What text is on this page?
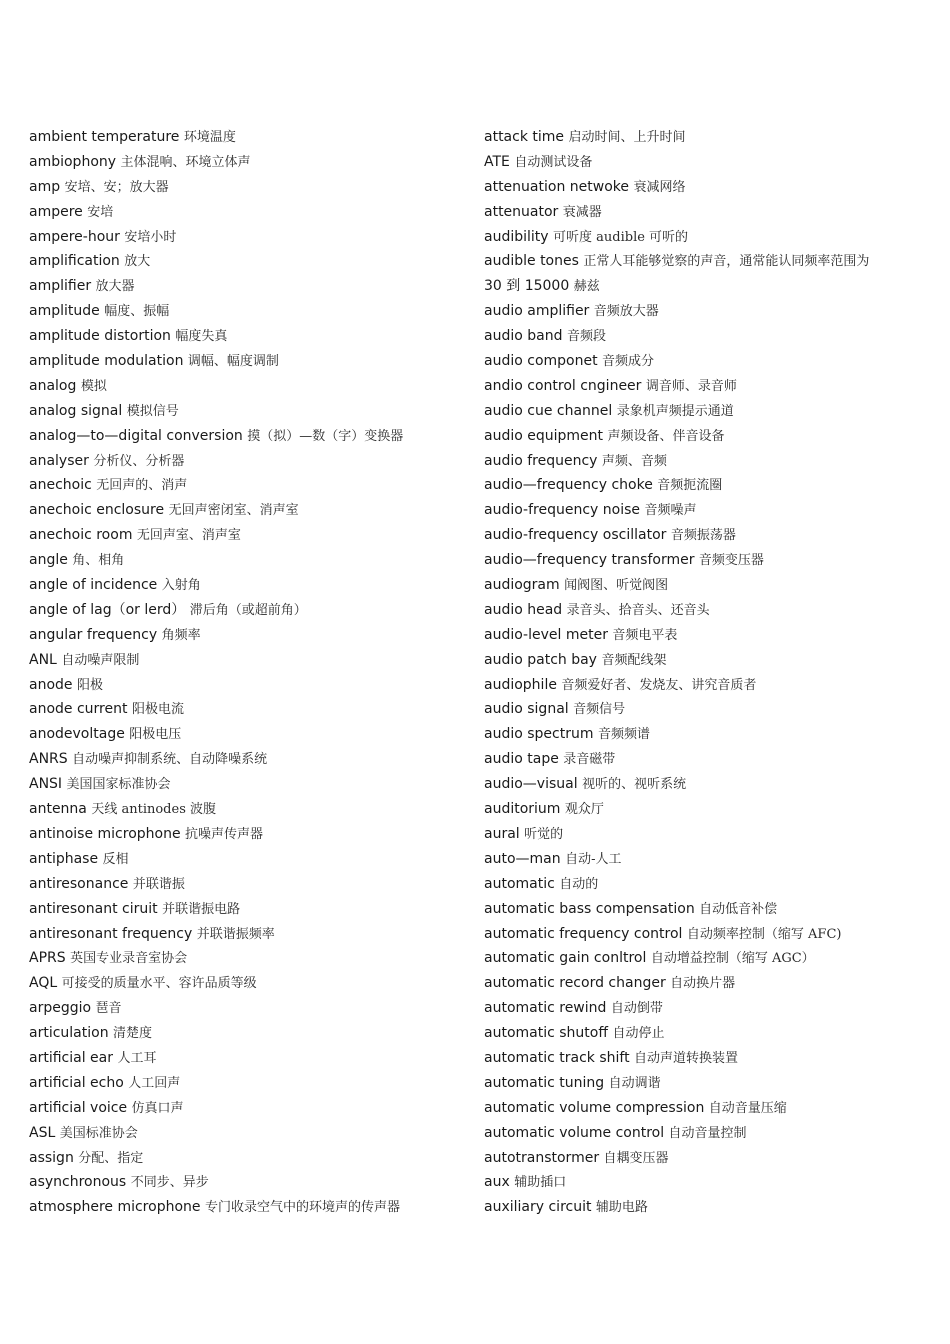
ambient temperature 环境温度
ambiophony 主体混响、环境立体声
amp 安培、安；放大器
ampere 安培
ampere-hour 安培小时
amplification 放大
amplifier 放大器
amplitude 幅度、振幅
amplitude distortion 幅度失真
amplitude modulation 调幅、幅度调制
analog 模拟
analog signal 模拟信号
analog—to—digital conversion 摸（拟）—数（字）变换器
analyser 分析仪、分析器
anechoic 无回声的、消声
anechoic enclosure 无回声密闭室、消声室
anechoic room 无回声室、消声室
angle 角、相角
angle of incidence 入射角
angle of lag（or lerd） 滞后角（或超前角）
angular frequency 角频率
ANL 自动噪声限制
anode 阳极
anode current 阳极电流
anodevoltage 阳极电压
ANRS 自动噪声抑制系统、自动降噪系统
ANSI 美国国家标准协会
antenna 天线 antinodes 波腹
antinoise microphone 抗噪声传声器
antiphase 反相
antiresonance 并联谐振
antiresonant ciruit 并联谐振电路
antiresonant frequency 并联谐振频率
APRS 英国专业录音室协会
AQL 可接受的质量水平、容许品质等级
arpeggio 琶音
articulation 清楚度
artificial ear 人工耳
artificial echo 人工回声
artificial voice 仿真口声
ASL 美国标准协会
assign 分配、指定
asynchronous 不同步、异步
atmosphere microphone 专门收录空气中的环境声的传声器
attack time 启动时间、上升时间
ATE 自动测试设备
attenuation netwoke 衰减网络
attenuator 衰减器
audibility 可听度 audible 可听的
audible tones 正常人耳能够觉察的声音，通常能认同频率范围为
30 到 15000 赫兹
audio amplifier 音频放大器
audio band 音频段
audio componet 音频成分
andio control cngineer 调音师、录音师
audio cue channel 录象机声频提示通道
audio equipment 声频设备、伴音设备
audio frequency 声频、音频
audio—frequency choke 音频扼流圈
audio-frequency noise 音频噪声
audio-frequency oscillator 音频振荡器
audio—frequency transformer 音频变压器
audiogram 闻阀图、听觉阀图
audio head 录音头、拾音头、还音头
audio-level meter 音频电平表
audio patch bay 音频配线架
audiophile 音频爱好者、发烧友、讲究音质者
audio signal 音频信号
audio spectrum 音频频谱
audio tape 录音磁带
audio—visual 视听的、视听系统
auditorium 观众厅
aural 听觉的
auto—man 自动-人工
automatic 自动的
automatic bass compensation 自动低音补偿
automatic frequency control 自动频率控制（缩写 AFC)
automatic gain conltrol 自动增益控制（缩写 AGC）
automatic record changer 自动换片器
automatic rewind 自动倒带
automatic shutoff 自动停止
automatic track shift 自动声道转换装置
automatic tuning 自动调谐
automatic volume compression 自动音量压缩
automatic volume control 自动音量控制
autotranstormer 自耦变压器
aux 辅助插口
auxiliary circuit 辅助电路
